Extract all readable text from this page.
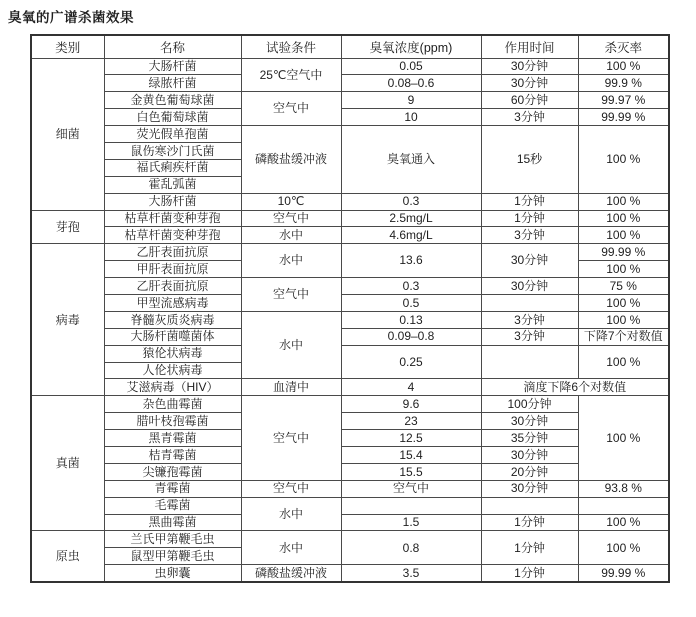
臭氧的广谱杀菌效果
类别	名称	试验条件	臭氧浓度(ppm)	作用时间	杀灭率
细菌	大肠杆菌	25℃空气中	0.05	30分钟	100 %
	绿脓杆菌		0.08–0.6	30分钟	99.9 %
	金黄色葡萄球菌	空气中	9	60分钟	99.97 %
	白色葡萄球菌		10	3分钟	99.99 %
	荧光假单孢菌	磷酸盐缓冲液	臭氧通入	15秒	100 %
	鼠伤寒沙门氏菌				
	福氏痢疾杆菌				
	霍乱弧菌				
	大肠杆菌	10℃	0.3	1分钟	100 %
芽孢	枯草杆菌变种芽孢	空气中	2.5mg/L	1分钟	100 %
	枯草杆菌变种芽孢	水中	4.6mg/L	3分钟	100 %
病毒	乙肝表面抗原	水中	13.6	30分钟	99.99 %
	甲肝表面抗原				100 %
	乙肝表面抗原	空气中	0.3	30分钟	75 %
	甲型流感病毒		0.5		100 %
	脊髓灰质炎病毒	水中	0.13	3分钟	100 %
	大肠杆菌噬菌体		0.09–0.8	3分钟	下降7个对数值
	猿伦状病毒		0.25		100 %
	人伦状病毒				
	艾滋病毒（HIV）	血清中	4	滴度下降6个对数值	
真菌	杂色曲霉菌	空气中	9.6	100分钟	100 %
	腊叶枝孢霉菌		23	30分钟	
	黑青霉菌		12.5	35分钟	
	桔青霉菌		15.4	30分钟	
	尖镰孢霉菌		15.5	20分钟	
	青霉菌	空气中	空气中	30分钟	93.8 %
	毛霉菌	水中			
	黑曲霉菌		1.5	1分钟	100 %
原虫	兰氏甲第鞭毛虫	水中	0.8	1分钟	100 %
	鼠型甲第鞭毛虫				
	虫卵囊	磷酸盐缓冲液	3.5	1分钟	99.99 %
